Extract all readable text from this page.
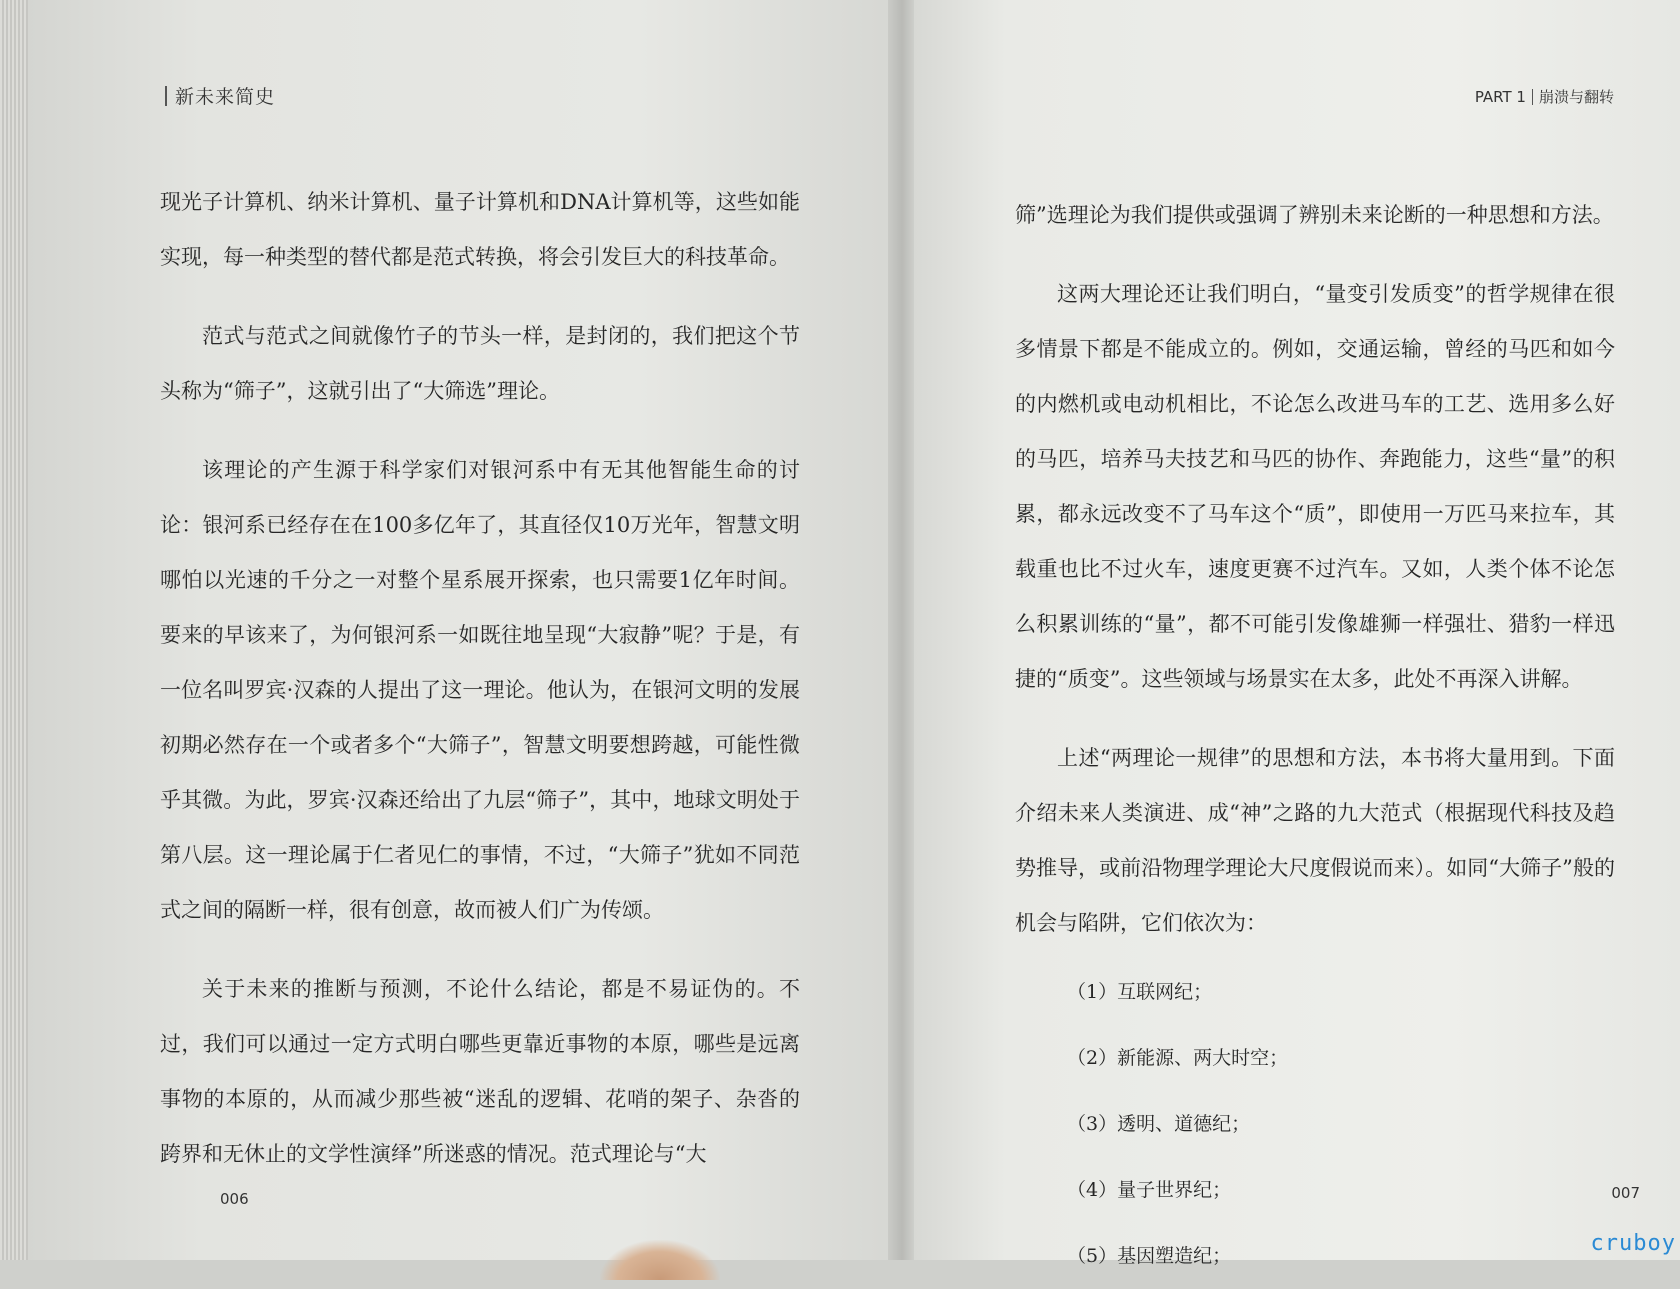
新未来简史	PART 1 崩溃与翻转

现光子计算机、纳米计算机、量子计算机和DNA计算机等，这些如能实现，每一种类型的替代都是范式转换，将会引发巨大的科技革命。

范式与范式之间就像竹子的节头一样，是封闭的，我们把这个节头称为“筛子”，这就引出了“大筛选”理论。

该理论的产生源于科学家们对银河系中有无其他智能生命的讨论：银河系已经存在在100多亿年了，其直径仅10万光年，智慧文明哪怕以光速的千分之一对整个星系展开探索，也只需要1亿年时间。要来的早该来了，为何银河系一如既往地呈现“大寂静”呢？于是，有一位名叫罗宾·汉森的人提出了这一理论。他认为，在银河文明的发展初期必然存在一个或者多个“大筛子”，智慧文明要想跨越，可能性微乎其微。为此，罗宾·汉森还给出了九层“筛子”，其中，地球文明处于第八层。这一理论属于仁者见仁的事情，不过，“大筛子”犹如不同范式之间的隔断一样，很有创意，故而被人们广为传颂。

关于未来的推断与预测，不论什么结论，都是不易证伪的。不过，我们可以通过一定方式明白哪些更靠近事物的本原，哪些是远离事物的本原的，从而减少那些被“迷乱的逻辑、花哨的架子、杂沓的跨界和无休止的文学性演绎”所迷惑的情况。范式理论与“大

筛”选理论为我们提供或强调了辨别未来论断的一种思想和方法。

这两大理论还让我们明白，“量变引发质变”的哲学规律在很多情景下都是不能成立的。例如，交通运输，曾经的马匹和如今的内燃机或电动机相比，不论怎么改进马车的工艺、选用多么好的马匹，培养马夫技艺和马匹的协作、奔跑能力，这些“量”的积累，都永远改变不了马车这个“质”，即使用一万匹马来拉车，其载重也比不过火车，速度更赛不过汽车。又如，人类个体不论怎么积累训练的“量”，都不可能引发像雄狮一样强壮、猎豹一样迅捷的“质变”。这些领域与场景实在太多，此处不再深入讲解。

上述“两理论一规律”的思想和方法，本书将大量用到。下面介绍未来人类演进、成“神”之路的九大范式（根据现代科技及趋势推导，或前沿物理学理论大尺度假说而来）。如同“大筛子”般的机会与陷阱，它们依次为：

（1）互联网纪；

（2）新能源、两大时空；

（3）透明、道德纪；

（4）量子世界纪；

（5）基因塑造纪；

006	007
cruboy
